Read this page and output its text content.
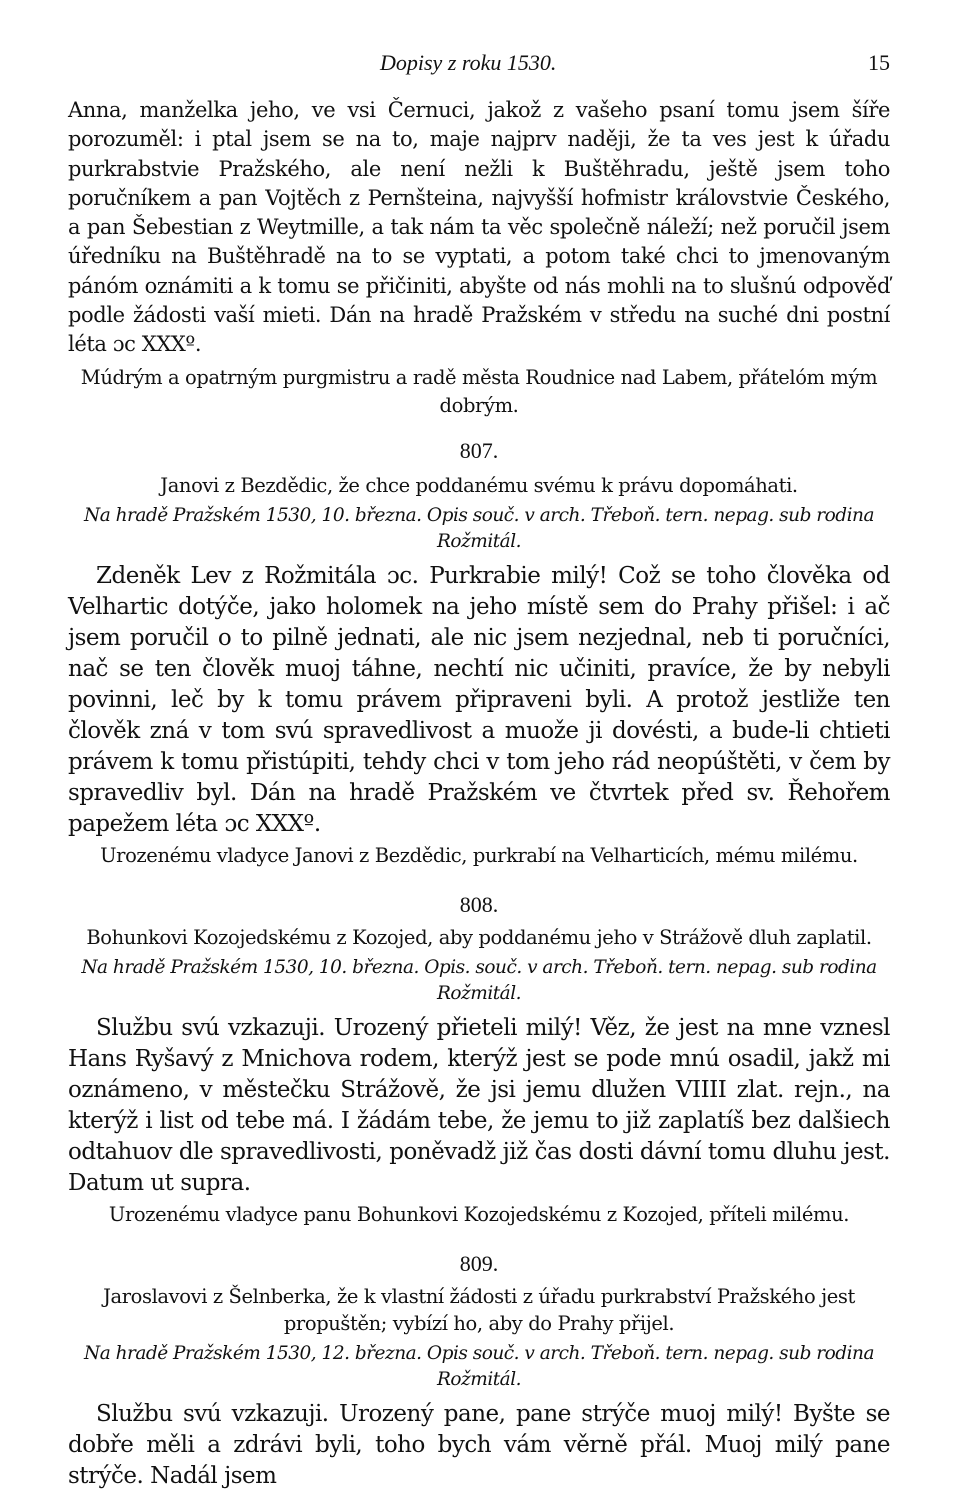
Dopisy z roku 1530.	15

Anna, manželka jeho, ve vsi Černuci, jakož z vašeho psaní tomu jsem šíře porozuměl: i ptal jsem se na to, maje najprv naději, že ta ves jest k úřadu purkrabstvie Pražského, ale není nežli k Buštěhradu, ještě jsem toho poručníkem a pan Vojtěch z Pernšteina, najvyšší hofmistr královstvie Českého, a pan Šebestian z Weytmille, a tak nám ta věc společně náleží; než poručil jsem úředníku na Buštěhradě na to se vyptati, a potom také chci to jmenovaným pánóm oznámiti a k tomu se přičiniti, abyšte od nás mohli na to slušnú odpověď podle žádosti vaší mieti. Dán na hradě Pražském v středu na suché dni postní léta ɔc XXXº.

Múdrým a opatrným purgmistru a radě města Roudnice nad Labem, přátelóm mým dobrým.

807.

Janovi z Bezdědic, že chce poddanému svému k právu dopomáhati.

Na hradě Pražském 1530, 10. března. Opis souč. v arch. Třeboň. tern. nepag. sub rodina Rožmitál.

Zdeněk Lev z Rožmitála ɔc. Purkrabie milý! Což se toho člověka od Velhartic dotýče, jako holomek na jeho místě sem do Prahy přišel: i ač jsem poručil o to pilně jednati, ale nic jsem nezjednal, neb ti poručníci, nač se ten člověk muoj táhne, nechtí nic učiniti, pravíce, že by nebyli povinni, leč by k tomu právem připraveni byli. A protož jestliže ten člověk zná v tom svú spravedlivost a muože ji dovésti, a bude-li chtieti právem k tomu přistúpiti, tehdy chci v tom jeho rád neopúštěti, v čem by spravedliv byl. Dán na hradě Pražském ve čtvrtek před sv. Řehořem papežem léta ɔc XXXº.

Urozenému vladyce Janovi z Bezdědic, purkrabí na Velharticích, mému milému.

808.

Bohunkovi Kozojedskému z Kozojed, aby poddanému jeho v Strážově dluh zaplatil.

Na hradě Pražském 1530, 10. března. Opis. souč. v arch. Třeboň. tern. nepag. sub rodina Rožmitál.

Službu svú vzkazuji. Urozený přieteli milý! Věz, že jest na mne vznesl Hans Ryšavý z Mnichova rodem, kterýž jest se pode mnú osadil, jakž mi oznámeno, v městečku Strážově, že jsi jemu dlužen VIIII zlat. rejn., na kterýž i list od tebe má. I žádám tebe, že jemu to již zaplatíš bez dalšiech odtahuov dle spravedlivosti, poněvadž již čas dosti dávní tomu dluhu jest. Datum ut supra.

Urozenému vladyce panu Bohunkovi Kozojedskému z Kozojed, příteli milému.

809.

Jaroslavovi z Šelnberka, že k vlastní žádosti z úřadu purkrabství Pražského jest propuštěn; vybízí ho, aby do Prahy přijel.

Na hradě Pražském 1530, 12. března. Opis souč. v arch. Třeboň. tern. nepag. sub rodina Rožmitál.

Službu svú vzkazuji. Urozený pane, pane strýče muoj milý! Byšte se dobře měli a zdrávi byli, toho bych vám věrně přál. Muoj milý pane strýče. Nadál jsem
